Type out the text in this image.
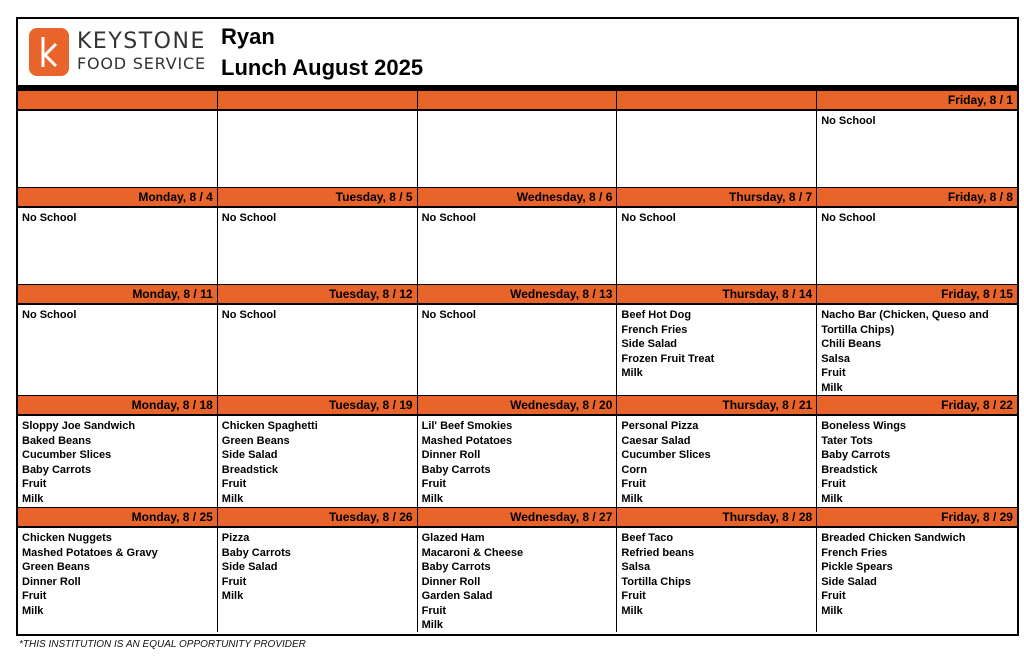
KEYSTONE
FOOD SERVICE
Ryan
Lunch August 2025
Friday, 8 / 1
No School
Monday, 8 / 4
No School
Tuesday, 8 / 5
No School
Wednesday, 8 / 6
No School
Thursday, 8 / 7
No School
Friday, 8 / 8
No School
Monday, 8 / 11
No School
Tuesday, 8 / 12
No School
Wednesday, 8 / 13
No School
Thursday, 8 / 14
Beef Hot Dog
French Fries
Side Salad
Frozen Fruit Treat
Milk
Friday, 8 / 15
Nacho Bar (Chicken, Queso and Tortilla Chips)
Chili Beans
Salsa
Fruit
Milk
Monday, 8 / 18
Sloppy Joe Sandwich
Baked Beans
Cucumber Slices
Baby Carrots
Fruit
Milk
Tuesday, 8 / 19
Chicken Spaghetti
Green Beans
Side Salad
Breadstick
Fruit
Milk
Wednesday, 8 / 20
Lil' Beef Smokies
Mashed Potatoes
Dinner Roll
Baby Carrots
Fruit
Milk
Thursday, 8 / 21
Personal Pizza
Caesar Salad
Cucumber Slices
Corn
Fruit
Milk
Friday, 8 / 22
Boneless Wings
Tater Tots
Baby Carrots
Breadstick
Fruit
Milk
Monday, 8 / 25
Chicken Nuggets
Mashed Potatoes & Gravy
Green Beans
Dinner Roll
Fruit
Milk
Tuesday, 8 / 26
Pizza
Baby Carrots
Side Salad
Fruit
Milk
Wednesday, 8 / 27
Glazed Ham
Macaroni & Cheese
Baby Carrots
Dinner Roll
Garden Salad
Fruit
Milk
Thursday, 8 / 28
Beef Taco
Refried beans
Salsa
Tortilla Chips
Fruit
Milk
Friday, 8 / 29
Breaded Chicken Sandwich
French Fries
Pickle Spears
Side Salad
Fruit
Milk
*THIS INSTITUTION IS AN EQUAL OPPORTUNITY PROVIDER
